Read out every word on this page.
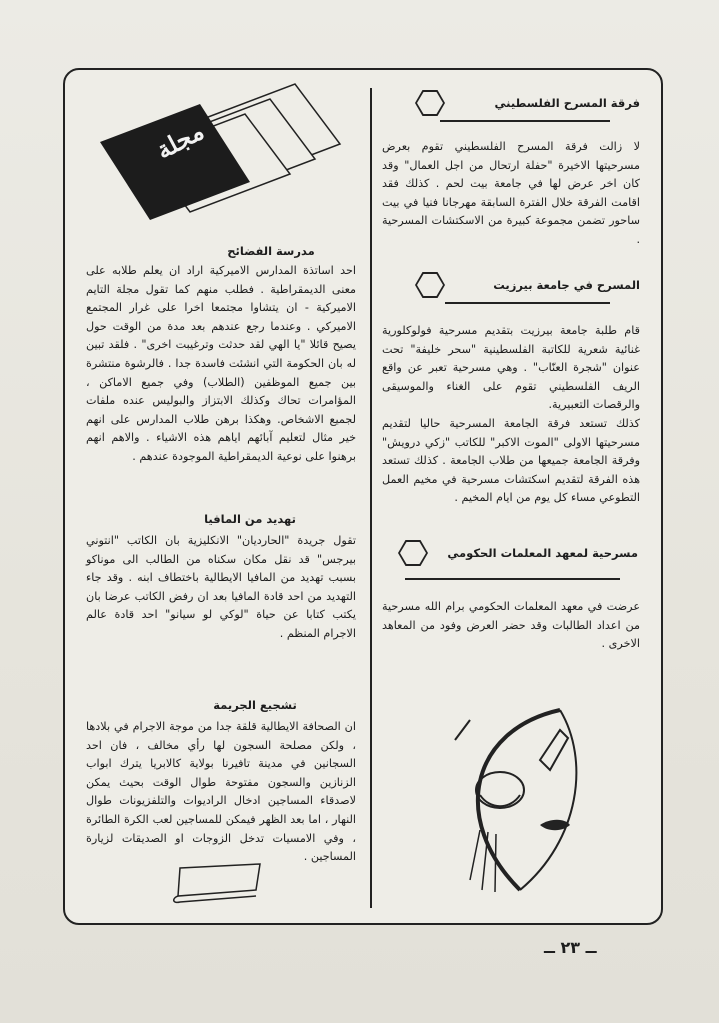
مجلة
فرقة المسرح الفلسطيني

لا زالت فرقة المسرح الفلسطيني تقوم بعرض مسرحيتها الاخيرة "حفلة ارتحال من اجل العمال" وقد كان اخر عرض لها في جامعة بيت لحم . كذلك فقد اقامت الفرقة خلال الفترة السابقة مهرجانا فنيا في بيت ساحور تضمن مجموعة كبيرة من الاسكتشات المسرحية .

المسرح في جامعة بيرزيت

قام طلبة جامعة بيرزيت بتقديم مسرحية فولوكلورية غنائية شعرية للكاتبة الفلسطينية "سحر خليفة" تحت عنوان "شجرة العنّاب" . وهي مسرحية تعبر عن واقع الريف الفلسطيني تقوم على الغناء والموسيقى والرقصات التعبيرية.

كذلك تستعد فرقة الجامعة المسرحية حاليا لتقديم مسرحيتها الاولى "الموت الاكبر" للكاتب "زكي درويش" وفرقة الجامعة جميعها من طلاب الجامعة . كذلك تستعد هذه الفرقة لتقديم اسكتشات مسرحية في مخيم العمل التطوعي مساء كل يوم من ايام المخيم .

مسرحية لمعهد المعلمات الحكومي

عرضت في معهد المعلمات الحكومي برام الله مسرحية من اعداد الطالبات وقد حضر العرض وفود من المعاهد الاخرى .

مدرسة الفضائح

احد اساتذة المدارس الاميركية اراد ان يعلم طلابه على معنى الديمقراطية . فطلب منهم كما تقول مجلة التايم الاميركية - ان يتشاوا مجتمعا اخرا على غرار المجتمع الاميركي . وعندما رجع عندهم بعد مدة من الوقت حول يصيح قائلا "يا الهي لقد حدثت وترغيبت اخرى" . فلقد تبين له بان الحكومة التي انشئت فاسدة جدا . فالرشوة منتشرة بين جميع الموظفين (الطلاب) وفي جميع الاماكن ، المؤامرات تحاك وكذلك الابتزاز والبوليس عنده ملفات لجميع الاشخاص. وهكذا برهن طلاب المدارس على انهم خير مثال لتعليم آبائهم اياهم هذه الاشياء . والاهم انهم برهنوا على نوعية الديمقراطية الموجودة عندهم .

تهديد من المافيا

تقول جريدة "الحارديان" الانكليزية بان الكاتب "انتوني بيرجس" قد نقل مكان سكناه من الطالب الى موناكو بسبب تهديد من المافيا الايطالية باختطاف ابنه . وقد جاء التهديد من احد قادة المافيا بعد ان رفض الكاتب عرضا بان يكتب كتابا عن حياة "لوكي لو سيانو" احد قادة عالم الاجرام المنظم .

تشجيع الجريمة

ان الصحافة الايطالية قلقة جدا من موجة الاجرام في بلادها ، ولكن مصلحة السجون لها رأي مخالف ، فان احد السجانين في مدينة تافيرنا بولاية كالابريا يترك ابواب الزنازين والسجون مفتوحة طوال الوقت بحيث يمكن لاصدقاء المساجين ادخال الراديوات والتلفزيونات طوال النهار ، اما بعد الظهر فيمكن للمساجين لعب الكرة الطائرة ، وفي الامسيات تدخل الزوجات او الصديقات لزيارة المساجين .

ــ ٢٣ ــ
